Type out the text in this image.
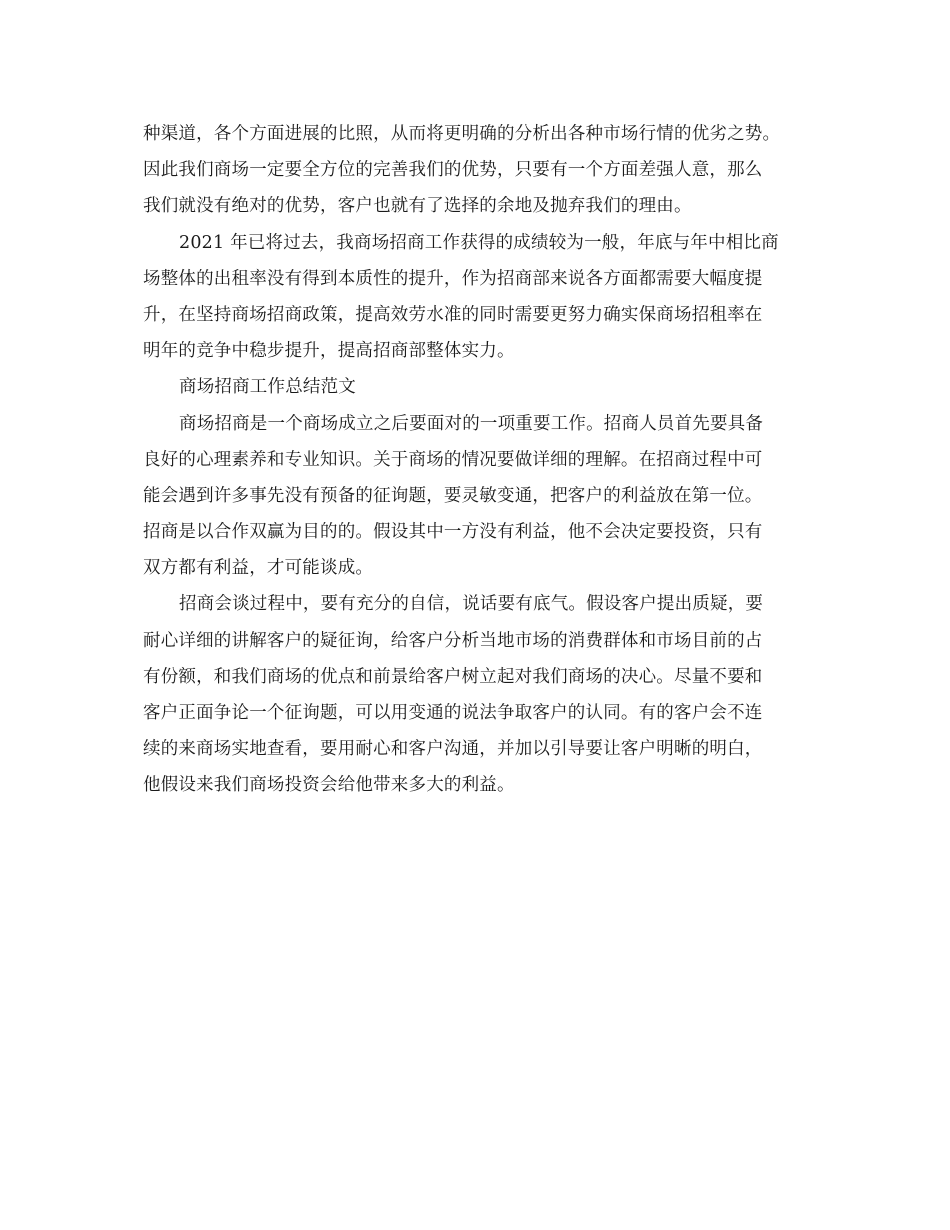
种渠道，各个方面进展的比照，从而将更明确的分析出各种市场行情的优劣之势。
因此我们商场一定要全方位的完善我们的优势，只要有一个方面差强人意，那么
我们就没有绝对的优势，客户也就有了选择的余地及抛弃我们的理由。
2021 年已将过去，我商场招商工作获得的成绩较为一般，年底与年中相比商
场整体的出租率没有得到本质性的提升，作为招商部来说各方面都需要大幅度提
升，在坚持商场招商政策，提高效劳水准的同时需要更努力确实保商场招租率在
明年的竞争中稳步提升，提高招商部整体实力。
商场招商工作总结范文
商场招商是一个商场成立之后要面对的一项重要工作。招商人员首先要具备
良好的心理素养和专业知识。关于商场的情况要做详细的理解。在招商过程中可
能会遇到许多事先没有预备的征询题，要灵敏变通，把客户的利益放在第一位。
招商是以合作双赢为目的的。假设其中一方没有利益，他不会决定要投资，只有
双方都有利益，才可能谈成。
招商会谈过程中，要有充分的自信，说话要有底气。假设客户提出质疑，要
耐心详细的讲解客户的疑征询，给客户分析当地市场的消费群体和市场目前的占
有份额，和我们商场的优点和前景给客户树立起对我们商场的决心。尽量不要和
客户正面争论一个征询题，可以用变通的说法争取客户的认同。有的客户会不连
续的来商场实地查看，要用耐心和客户沟通，并加以引导要让客户明晰的明白，
他假设来我们商场投资会给他带来多大的利益。
